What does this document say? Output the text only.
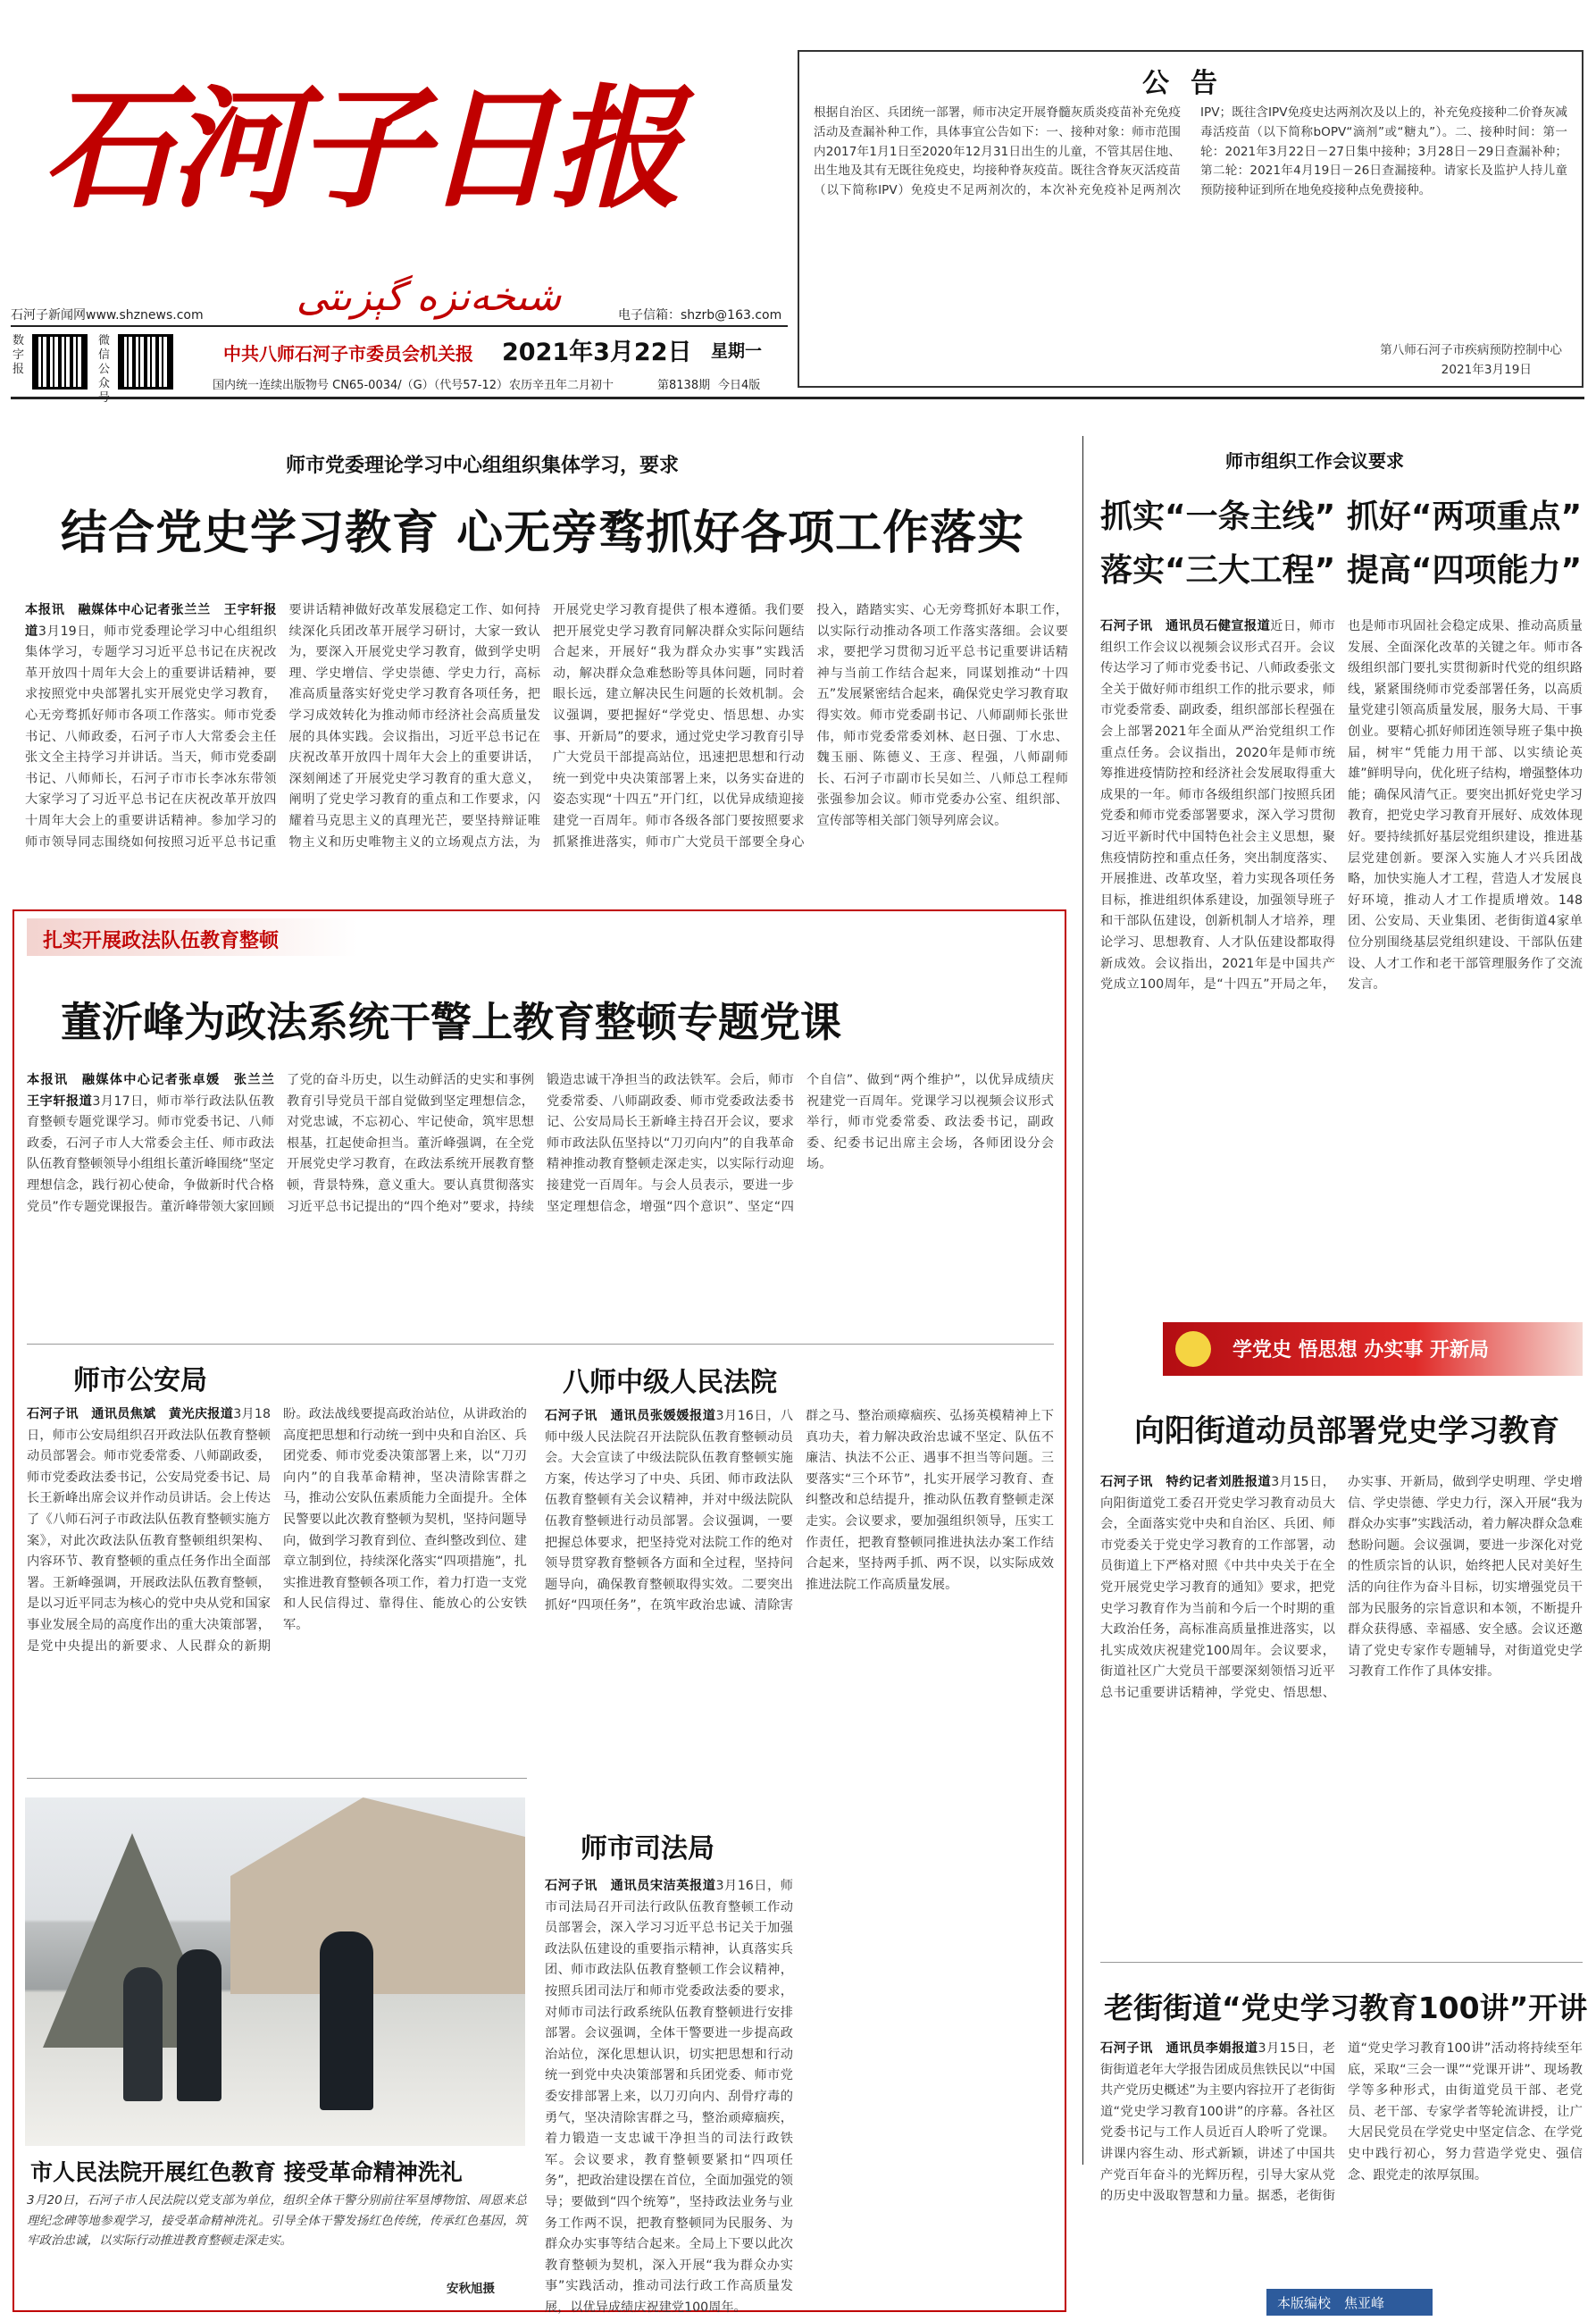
石河子日报
شىخەنزە گېزىتى
石河子新闻网www.shznews.com	电子信箱：shzrb@163.com
数字报
微信公众
中共八师石河子市委员会机关报
国内统一连续出版物号 CN65-0034/（G）（代号57-12）
2021年3月22日 星期一
农历辛丑年二月初十	第8138期 今日4版
公告
根据自治区、兵团统一部署，师市决定开展脊髓灰质炎疫苗补充免疫活动及查漏补种工作，具体事宜公告如下：一、接种对象：师市范围内2017年1月1日至2020年12月31日出生的儿童，不管其居住地、出生地及其有无既往免疫史，均接种脊灰疫苗。既往含脊灰灭活疫苗（以下简称IPV）免疫史不足两剂次的，本次补充免疫补足两剂次IPV；既往含IPV免疫史达两剂次及以上的，补充免疫接种二价脊灰减毒活疫苗（以下简称bOPV“滴剂”或“糖丸”）。二、接种时间：第一轮：2021年3月22日－27日集中接种；3月28日－29日查漏补种；第二轮：2021年4月19日－26日查漏接种。请家长及监护人持儿童预防接种证到所在地免疫接种点免费接种。
第八师石河子市疾病预防控制中心
2021年3月19日
师市党委理论学习中心组组织集体学习，要求
结合党史学习教育 心无旁骛抓好各项工作落实
本报讯　融媒体中心记者张兰兰　王宇轩报道3月19日，师市党委理论学习中心组组织集体学习，专题学习习近平总书记在庆祝改革开放四十周年大会上的重要讲话精神，要求按照党中央部署扎实开展党史学习教育，心无旁骛抓好师市各项工作落实。师市党委书记、八师政委，石河子市人大常委会主任张文全主持学习并讲话。当天，师市党委副书记、八师师长，石河子市市长李冰东带领大家学习了习近平总书记在庆祝改革开放四十周年大会上的重要讲话精神。参加学习的师市领导同志围绕如何按照习近平总书记重要讲话精神做好改革发展稳定工作、如何持续深化兵团改革开展学习研讨，大家一致认为，要深入开展党史学习教育，做到学史明理、学史增信、学史崇德、学史力行，高标准高质量落实好党史学习教育各项任务，把学习成效转化为推动师市经济社会高质量发展的具体实践。会议指出，习近平总书记在庆祝改革开放四十周年大会上的重要讲话，深刻阐述了开展党史学习教育的重大意义，阐明了党史学习教育的重点和工作要求，闪耀着马克思主义的真理光芒，要坚持辩证唯物主义和历史唯物主义的立场观点方法，为开展党史学习教育提供了根本遵循。我们要把开展党史学习教育同解决群众实际问题结合起来，开展好“我为群众办实事”实践活动，解决群众急难愁盼等具体问题，同时着眼长远，建立解决民生问题的长效机制。会议强调，要把握好“学党史、悟思想、办实事、开新局”的要求，通过党史学习教育引导广大党员干部提高站位，迅速把思想和行动统一到党中央决策部署上来，以务实奋进的姿态实现“十四五”开门红，以优异成绩迎接建党一百周年。师市各级各部门要按照要求抓紧推进落实，师市广大党员干部要全身心投入，踏踏实实、心无旁骛抓好本职工作，以实际行动推动各项工作落实落细。会议要求，要把学习贯彻习近平总书记重要讲话精神与当前工作结合起来，同谋划推动“十四五”发展紧密结合起来，确保党史学习教育取得实效。师市党委副书记、八师副师长张世伟，师市党委常委刘林、赵日强、丁水忠、魏玉丽、陈德义、王彦、程强，八师副师长、石河子市副市长吴如兰、八师总工程师张强参加会议。师市党委办公室、组织部、宣传部等相关部门领导列席会议。
师市组织工作会议要求
抓实“一条主线” 抓好“两项重点”
落实“三大工程” 提高“四项能力”
石河子讯　通讯员石健宣报道近日，师市组织工作会议以视频会议形式召开。会议传达学习了师市党委书记、八师政委张文全关于做好师市组织工作的批示要求，师市党委常委、副政委，组织部部长程强在会上部署2021年全面从严治党组织工作重点任务。会议指出，2020年是师市统筹推进疫情防控和经济社会发展取得重大成果的一年。师市各级组织部门按照兵团党委和师市党委部署要求，深入学习贯彻习近平新时代中国特色社会主义思想，聚焦疫情防控和重点任务，突出制度落实、开展推进、改革攻坚，着力实现各项任务目标，推进组织体系建设，加强领导班子和干部队伍建设，创新机制人才培养，理论学习、思想教育、人才队伍建设都取得新成效。会议指出，2021年是中国共产党成立100周年，是“十四五”开局之年，也是师市巩固社会稳定成果、推动高质量发展、全面深化改革的关键之年。师市各级组织部门要扎实贯彻新时代党的组织路线，紧紧围绕师市党委部署任务，以高质量党建引领高质量发展，服务大局、干事创业。要精心抓好师团连领导班子集中换届，树牢“凭能力用干部、以实绩论英雄”鲜明导向，优化班子结构，增强整体功能；确保风清气正。要突出抓好党史学习教育，把党史学习教育开展好、成效体现好。要持续抓好基层党组织建设，推进基层党建创新。要深入实施人才兴兵团战略，加快实施人才工程，营造人才发展良好环境，推动人才工作提质增效。148团、公安局、天业集团、老街街道4家单位分别围绕基层党组织建设、干部队伍建设、人才工作和老干部管理服务作了交流发言。
扎实开展政法队伍教育整顿
董沂峰为政法系统干警上教育整顿专题党课
本报讯　融媒体中心记者张卓媛　张兰兰　王宇轩报道3月17日，师市举行政法队伍教育整顿专题党课学习。师市党委书记、八师政委，石河子市人大常委会主任、师市政法队伍教育整顿领导小组组长董沂峰围绕“坚定理想信念，践行初心使命，争做新时代合格党员”作专题党课报告。董沂峰带领大家回顾了党的奋斗历史，以生动鲜活的史实和事例教育引导党员干部自觉做到坚定理想信念，对党忠诚，不忘初心、牢记使命，筑牢思想根基，扛起使命担当。董沂峰强调，在全党开展党史学习教育，在政法系统开展教育整顿，背景特殊，意义重大。要认真贯彻落实习近平总书记提出的“四个绝对”要求，持续锻造忠诚干净担当的政法铁军。会后，师市党委常委、八师副政委、师市党委政法委书记、公安局局长王新峰主持召开会议，要求师市政法队伍坚持以“刀刃向内”的自我革命精神推动教育整顿走深走实，以实际行动迎接建党一百周年。与会人员表示，要进一步坚定理想信念，增强“四个意识”、坚定“四个自信”、做到“两个维护”，以优异成绩庆祝建党一百周年。党课学习以视频会议形式举行，师市党委常委、政法委书记，副政委、纪委书记出席主会场，各师团设分会场。
师市公安局
石河子讯　通讯员焦斌　黄光庆报道3月18日，师市公安局组织召开政法队伍教育整顿动员部署会。师市党委常委、八师副政委，师市党委政法委书记，公安局党委书记、局长王新峰出席会议并作动员讲话。会上传达了《八师石河子市政法队伍教育整顿实施方案》，对此次政法队伍教育整顿组织架构、内容环节、教育整顿的重点任务作出全面部署。王新峰强调，开展政法队伍教育整顿，是以习近平同志为核心的党中央从党和国家事业发展全局的高度作出的重大决策部署，是党中央提出的新要求、人民群众的新期盼。政法战线要提高政治站位，从讲政治的高度把思想和行动统一到中央和自治区、兵团党委、师市党委决策部署上来，以“刀刃向内”的自我革命精神，坚决清除害群之马，推动公安队伍素质能力全面提升。全体民警要以此次教育整顿为契机，坚持问题导向，做到学习教育到位、查纠整改到位、建章立制到位，持续深化落实“四项措施”，扎实推进教育整顿各项工作，着力打造一支党和人民信得过、靠得住、能放心的公安铁军。
八师中级人民法院
石河子讯　通讯员张媛媛报道3月16日，八师中级人民法院召开法院队伍教育整顿动员会。大会宣读了中级法院队伍教育整顿实施方案，传达学习了中央、兵团、师市政法队伍教育整顿有关会议精神，并对中级法院队伍教育整顿进行动员部署。会议强调，一要把握总体要求，把坚持党对法院工作的绝对领导贯穿教育整顿各方面和全过程，坚持问题导向，确保教育整顿取得实效。二要突出抓好“四项任务”，在筑牢政治忠诚、清除害群之马、整治顽瘴痼疾、弘扬英模精神上下真功夫，着力解决政治忠诚不坚定、队伍不廉洁、执法不公正、遇事不担当等问题。三要落实“三个环节”，扎实开展学习教育、查纠整改和总结提升，推动队伍教育整顿走深走实。会议要求，要加强组织领导，压实工作责任，把教育整顿同推进执法办案工作结合起来，坚持两手抓、两不误，以实际成效推进法院工作高质量发展。
市人民法院开展红色教育 接受革命精神洗礼
3月20日，石河子市人民法院以党支部为单位，组织全体干警分别前往军垦博物馆、周恩来总理纪念碑等地参观学习，接受革命精神洗礼。引导全体干警发扬红色传统，传承红色基因，筑牢政治忠诚，以实际行动推进教育整顿走深走实。
安秋旭摄
师市司法局
石河子讯　通讯员宋洁英报道3月16日，师市司法局召开司法行政队伍教育整顿工作动员部署会，深入学习习近平总书记关于加强政法队伍建设的重要指示精神，认真落实兵团、师市政法队伍教育整顿工作会议精神，按照兵团司法厅和师市党委政法委的要求，对师市司法行政系统队伍教育整顿进行安排部署。会议强调，全体干警要进一步提高政治站位，深化思想认识，切实把思想和行动统一到党中央决策部署和兵团党委、师市党委安排部署上来，以刀刃向内、刮骨疗毒的勇气，坚决清除害群之马，整治顽瘴痼疾，着力锻造一支忠诚干净担当的司法行政铁军。会议要求，教育整顿要紧扣“四项任务”，把政治建设摆在首位，全面加强党的领导；要做到“四个统筹”，坚持政法业务与业务工作两不误，把教育整顿同为民服务、为群众办实事等结合起来。全局上下要以此次教育整顿为契机，深入开展“我为群众办实事”实践活动，推动司法行政工作高质量发展，以优异成绩庆祝建党100周年。
学党史 悟思想 办实事 开新局
向阳街道动员部署党史学习教育
石河子讯　特约记者刘胜报道3月15日，向阳街道党工委召开党史学习教育动员大会，全面落实党中央和自治区、兵团、师市党委关于党史学习教育的工作部署，动员街道上下严格对照《中共中央关于在全党开展党史学习教育的通知》要求，把党史学习教育作为当前和今后一个时期的重大政治任务，高标准高质量推进落实，以扎实成效庆祝建党100周年。会议要求，街道社区广大党员干部要深刻领悟习近平总书记重要讲话精神，学党史、悟思想、办实事、开新局，做到学史明理、学史增信、学史崇德、学史力行，深入开展“我为群众办实事”实践活动，着力解决群众急难愁盼问题。会议强调，要进一步深化对党的性质宗旨的认识，始终把人民对美好生活的向往作为奋斗目标，切实增强党员干部为民服务的宗旨意识和本领，不断提升群众获得感、幸福感、安全感。会议还邀请了党史专家作专题辅导，对街道党史学习教育工作作了具体安排。
老街街道“党史学习教育100讲”开讲
石河子讯　通讯员李娟报道3月15日，老街街道老年大学报告团成员焦铁民以“中国共产党历史概述”为主要内容拉开了老街街道“党史学习教育100讲”的序幕。各社区党委书记与工作人员近百人聆听了党课。讲课内容生动、形式新颖，讲述了中国共产党百年奋斗的光辉历程，引导大家从党的历史中汲取智慧和力量。据悉，老街街道“党史学习教育100讲”活动将持续至年底，采取“三会一课”“党课开讲”、现场教学等多种形式，由街道党员干部、老党员、老干部、专家学者等轮流讲授，让广大居民党员在学党史中坚定信念、在学党史中践行初心，努力营造学党史、强信念、跟党走的浓厚氛围。
本版编校　焦亚峰
